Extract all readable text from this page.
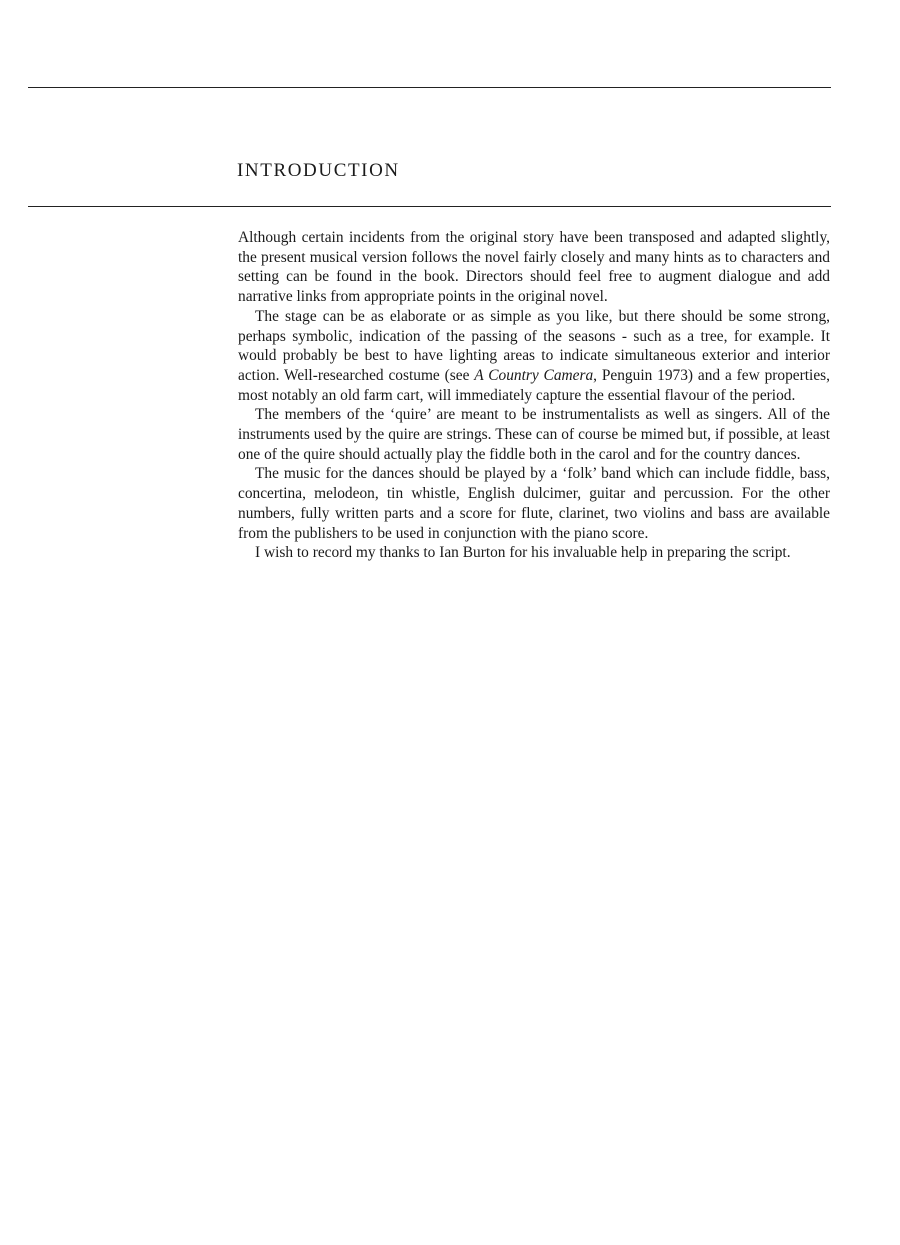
INTRODUCTION

Although certain incidents from the original story have been transposed and adapted slightly, the present musical version follows the novel fairly closely and many hints as to characters and setting can be found in the book. Directors should feel free to augment dialogue and add narrative links from appropriate points in the original novel.

The stage can be as elaborate or as simple as you like, but there should be some strong, perhaps symbolic, indication of the passing of the seasons - such as a tree, for example. It would probably be best to have lighting areas to indicate simultaneous exterior and interior action. Well-researched costume (see A Country Camera, Penguin 1973) and a few properties, most notably an old farm cart, will immediately capture the essential flavour of the period.

The members of the ‘quire’ are meant to be instrumentalists as well as singers. All of the instruments used by the quire are strings. These can of course be mimed but, if possible, at least one of the quire should actually play the fiddle both in the carol and for the country dances.

The music for the dances should be played by a ‘folk’ band which can include fiddle, bass, concertina, melodeon, tin whistle, English dulcimer, guitar and percussion. For the other numbers, fully written parts and a score for flute, clarinet, two violins and bass are available from the publishers to be used in conjunction with the piano score.

I wish to record my thanks to Ian Burton for his invaluable help in preparing the script.
